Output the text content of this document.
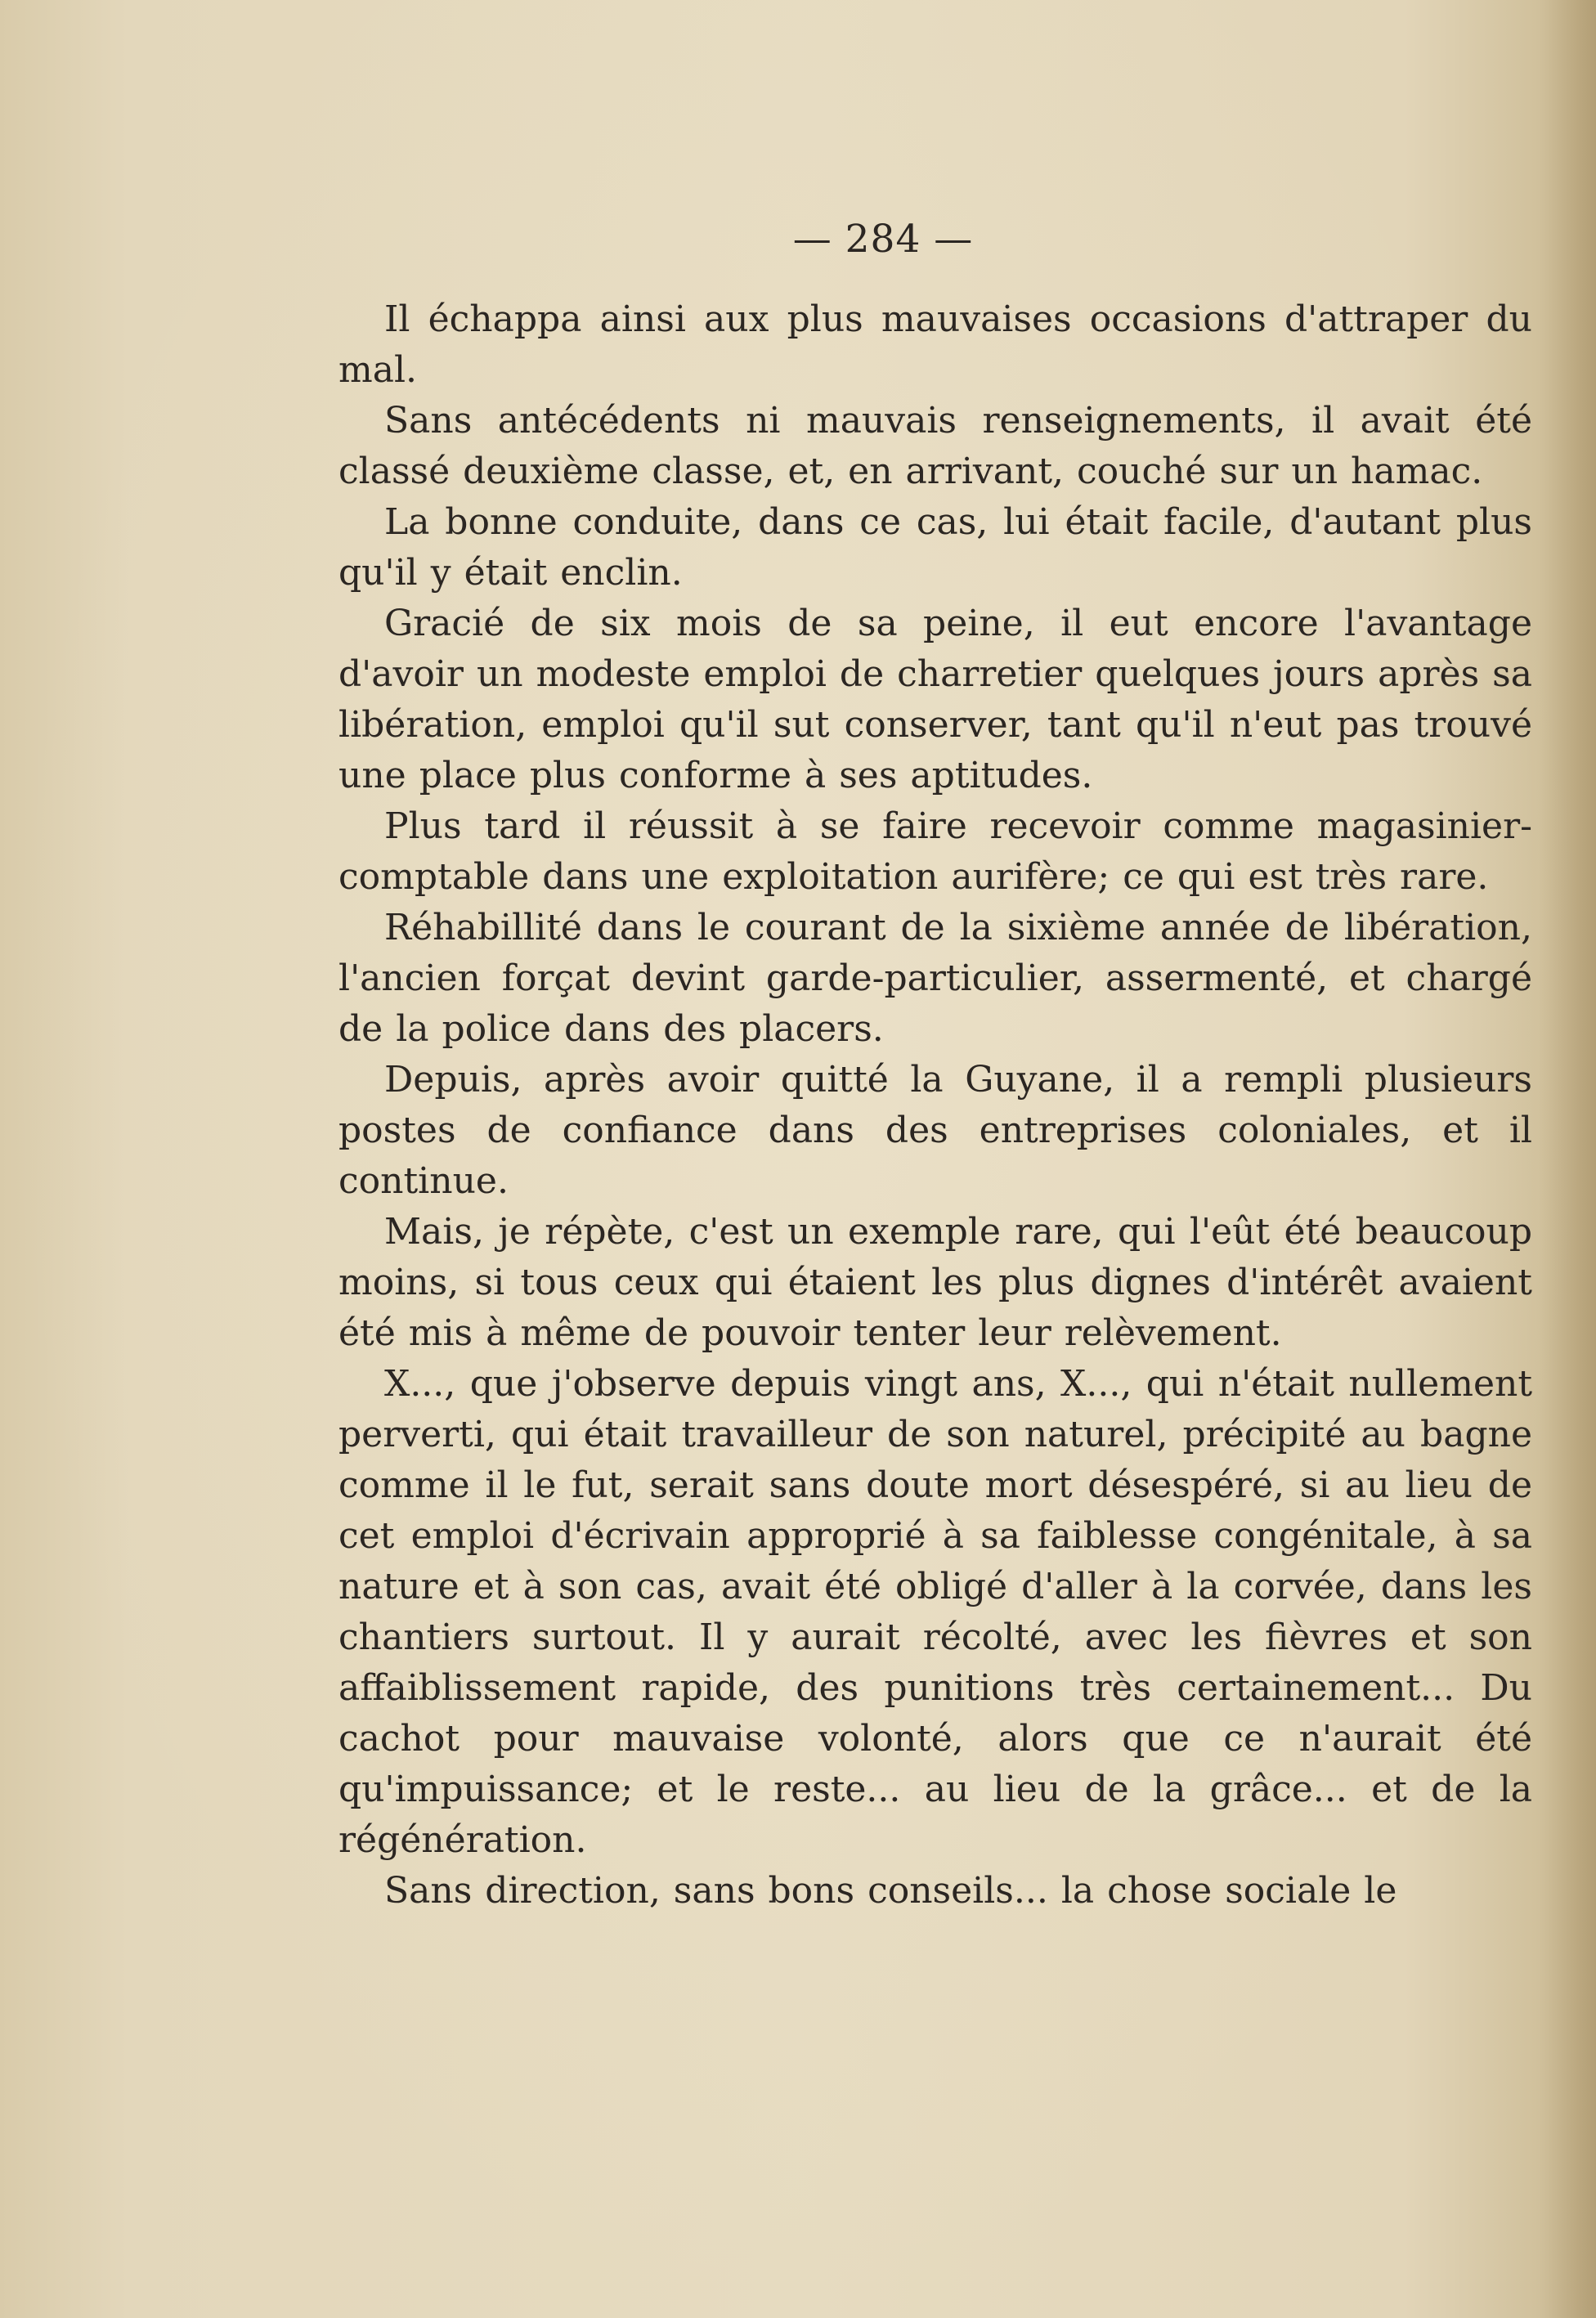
— 284 —

Il échappa ainsi aux plus mauvaises occasions d'attraper du mal.

Sans antécédents ni mauvais renseignements, il avait été classé deuxième classe, et, en arrivant, couché sur un hamac.

La bonne conduite, dans ce cas, lui était facile, d'autant plus qu'il y était enclin.

Gracié de six mois de sa peine, il eut encore l'avantage d'avoir un modeste emploi de charretier quelques jours après sa libération, emploi qu'il sut conserver, tant qu'il n'eut pas trouvé une place plus conforme à ses aptitudes.

Plus tard il réussit à se faire recevoir comme magasinier-comptable dans une exploitation aurifère; ce qui est très rare.

Réhabillité dans le courant de la sixième année de libération, l'ancien forçat devint garde-particulier, assermenté, et chargé de la police dans des placers.

Depuis, après avoir quitté la Guyane, il a rempli plusieurs postes de confiance dans des entreprises coloniales, et il continue.

Mais, je répète, c'est un exemple rare, qui l'eût été beaucoup moins, si tous ceux qui étaient les plus dignes d'intérêt avaient été mis à même de pouvoir tenter leur relèvement.

X..., que j'observe depuis vingt ans, X..., qui n'était nullement perverti, qui était travailleur de son naturel, précipité au bagne comme il le fut, serait sans doute mort désespéré, si au lieu de cet emploi d'écrivain approprié à sa faiblesse congénitale, à sa nature et à son cas, avait été obligé d'aller à la corvée, dans les chantiers surtout. Il y aurait récolté, avec les fièvres et son affaiblissement rapide, des punitions très certainement... Du cachot pour mauvaise volonté, alors que ce n'aurait été qu'impuissance; et le reste... au lieu de la grâce... et de la régénération.

Sans direction, sans bons conseils... la chose sociale le
